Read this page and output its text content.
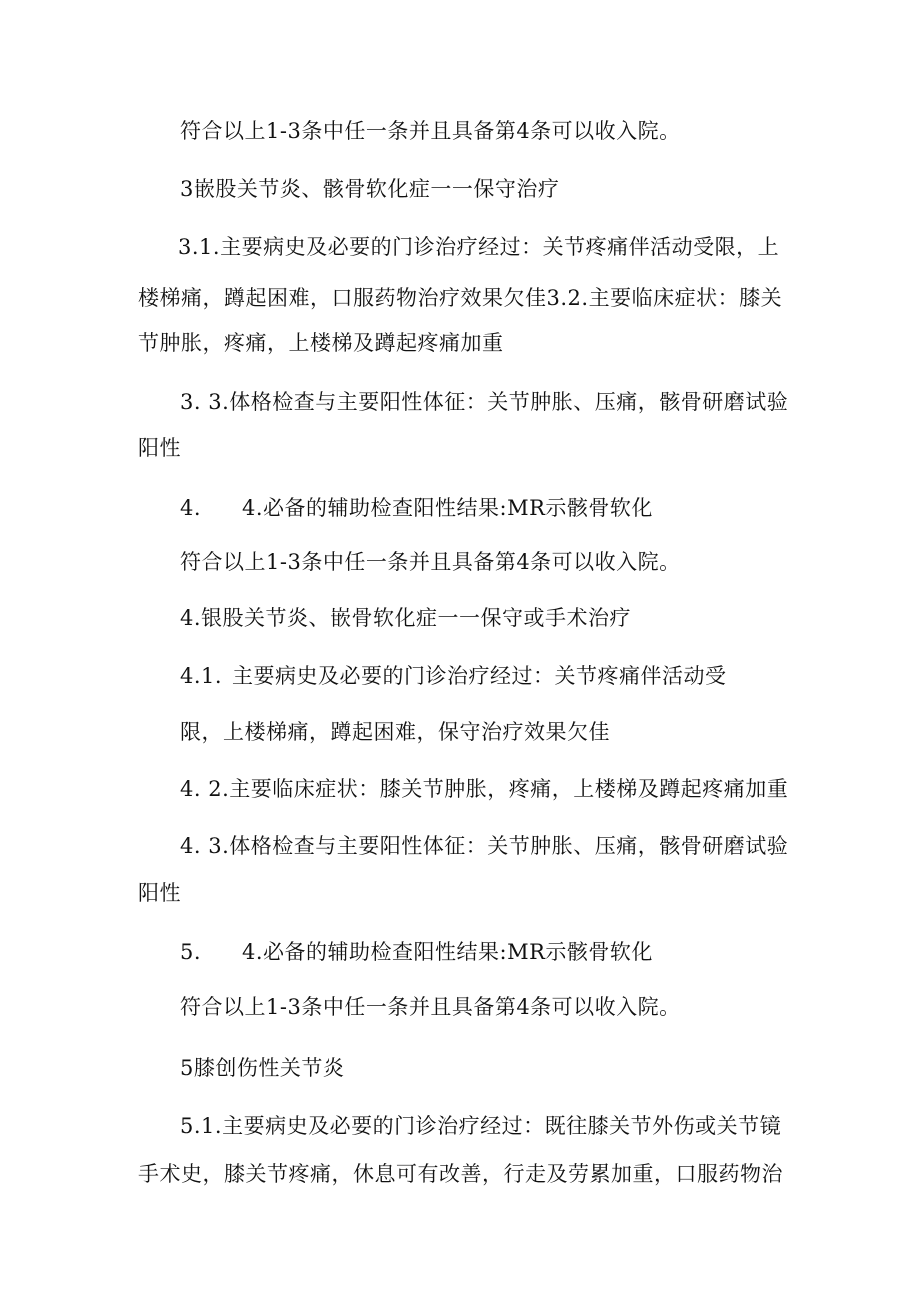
符合以上1-3条中任一条并且具备第4条可以收入院。
3嵌股关节炎、骸骨软化症一一保守治疗
3.1.主要病史及必要的门诊治疗经过：关节疼痛伴活动受限，上
楼梯痛，蹲起困难，口服药物治疗效果欠佳3.2.主要临床症状：膝关
节肿胀，疼痛，上楼梯及蹲起疼痛加重
3. 3.体格检查与主要阳性体征：关节肿胀、压痛，骸骨研磨试验
阳性
4. 4.必备的辅助检查阳性结果:MR示骸骨软化
符合以上1-3条中任一条并且具备第4条可以收入院。
4.银股关节炎、嵌骨软化症一一保守或手术治疗
4.1. 主要病史及必要的门诊治疗经过：关节疼痛伴活动受
限，上楼梯痛，蹲起困难，保守治疗效果欠佳
4. 2.主要临床症状：膝关节肿胀，疼痛，上楼梯及蹲起疼痛加重
4. 3.体格检查与主要阳性体征：关节肿胀、压痛，骸骨研磨试验
阳性
5. 4.必备的辅助检查阳性结果:MR示骸骨软化
符合以上1-3条中任一条并且具备第4条可以收入院。
5膝创伤性关节炎
5.1.主要病史及必要的门诊治疗经过：既往膝关节外伤或关节镜
手术史，膝关节疼痛，休息可有改善，行走及劳累加重，口服药物治
